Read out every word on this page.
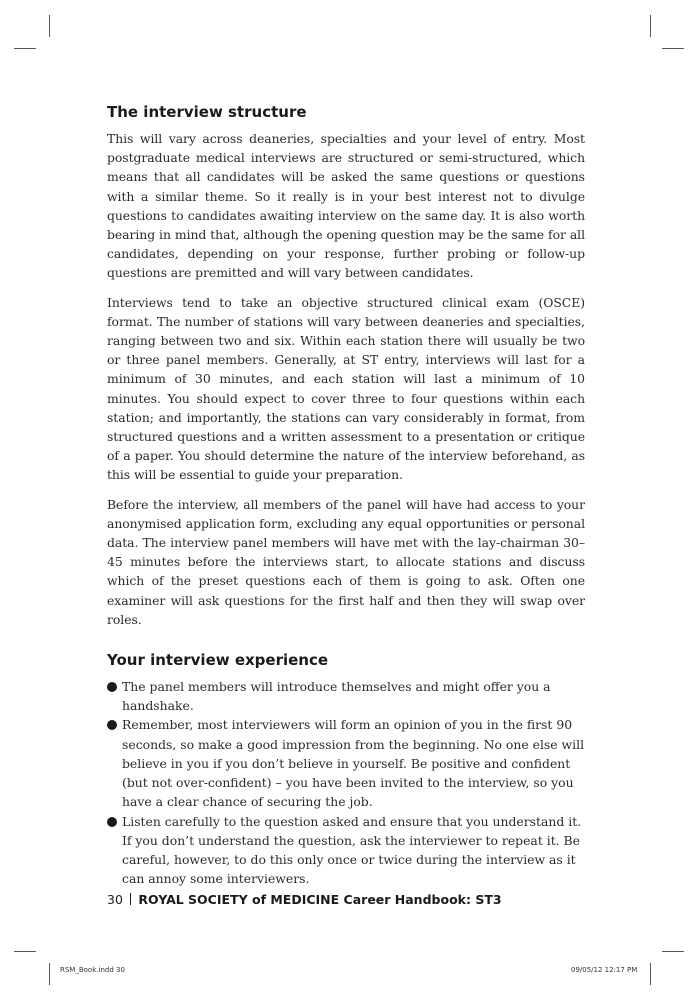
The interview structure

This will vary across deaneries, specialties and your level of entry. Most postgraduate medical interviews are structured or semi-structured, which means that all candidates will be asked the same questions or questions with a similar theme. So it really is in your best interest not to divulge questions to candidates awaiting interview on the same day. It is also worth bearing in mind that, although the opening question may be the same for all candidates, depending on your response, further probing or follow-up questions are premitted and will vary between candidates.

Interviews tend to take an objective structured clinical exam (OSCE) format. The number of stations will vary between deaneries and specialties, ranging between two and six. Within each station there will usually be two or three panel members. Generally, at ST entry, interviews will last for a minimum of 30 minutes, and each station will last a minimum of 10 minutes. You should expect to cover three to four questions within each station; and importantly, the stations can vary considerably in format, from structured questions and a written assessment to a presentation or critique of a paper. You should determine the nature of the interview beforehand, as this will be essential to guide your preparation.

Before the interview, all members of the panel will have had access to your anonymised application form, excluding any equal opportunities or personal data. The interview panel members will have met with the lay-chairman 30–45 minutes before the interviews start, to allocate stations and discuss which of the preset questions each of them is going to ask. Often one examiner will ask questions for the first half and then they will swap over roles.

Your interview experience
The panel members will introduce themselves and might offer you a handshake.
Remember, most interviewers will form an opinion of you in the first 90 seconds, so make a good impression from the beginning. No one else will believe in you if you don’t believe in yourself. Be positive and confident (but not over-confident) – you have been invited to the interview, so you have a clear chance of securing the job.
Listen carefully to the question asked and ensure that you understand it. If you don’t understand the question, ask the interviewer to repeat it. Be careful, however, to do this only once or twice during the interview as it can annoy some interviewers.
30 ROYAL SOCIETY of MEDICINE Career Handbook: ST3
RSM_Book.indd 30	09/05/12 12:17 PM
